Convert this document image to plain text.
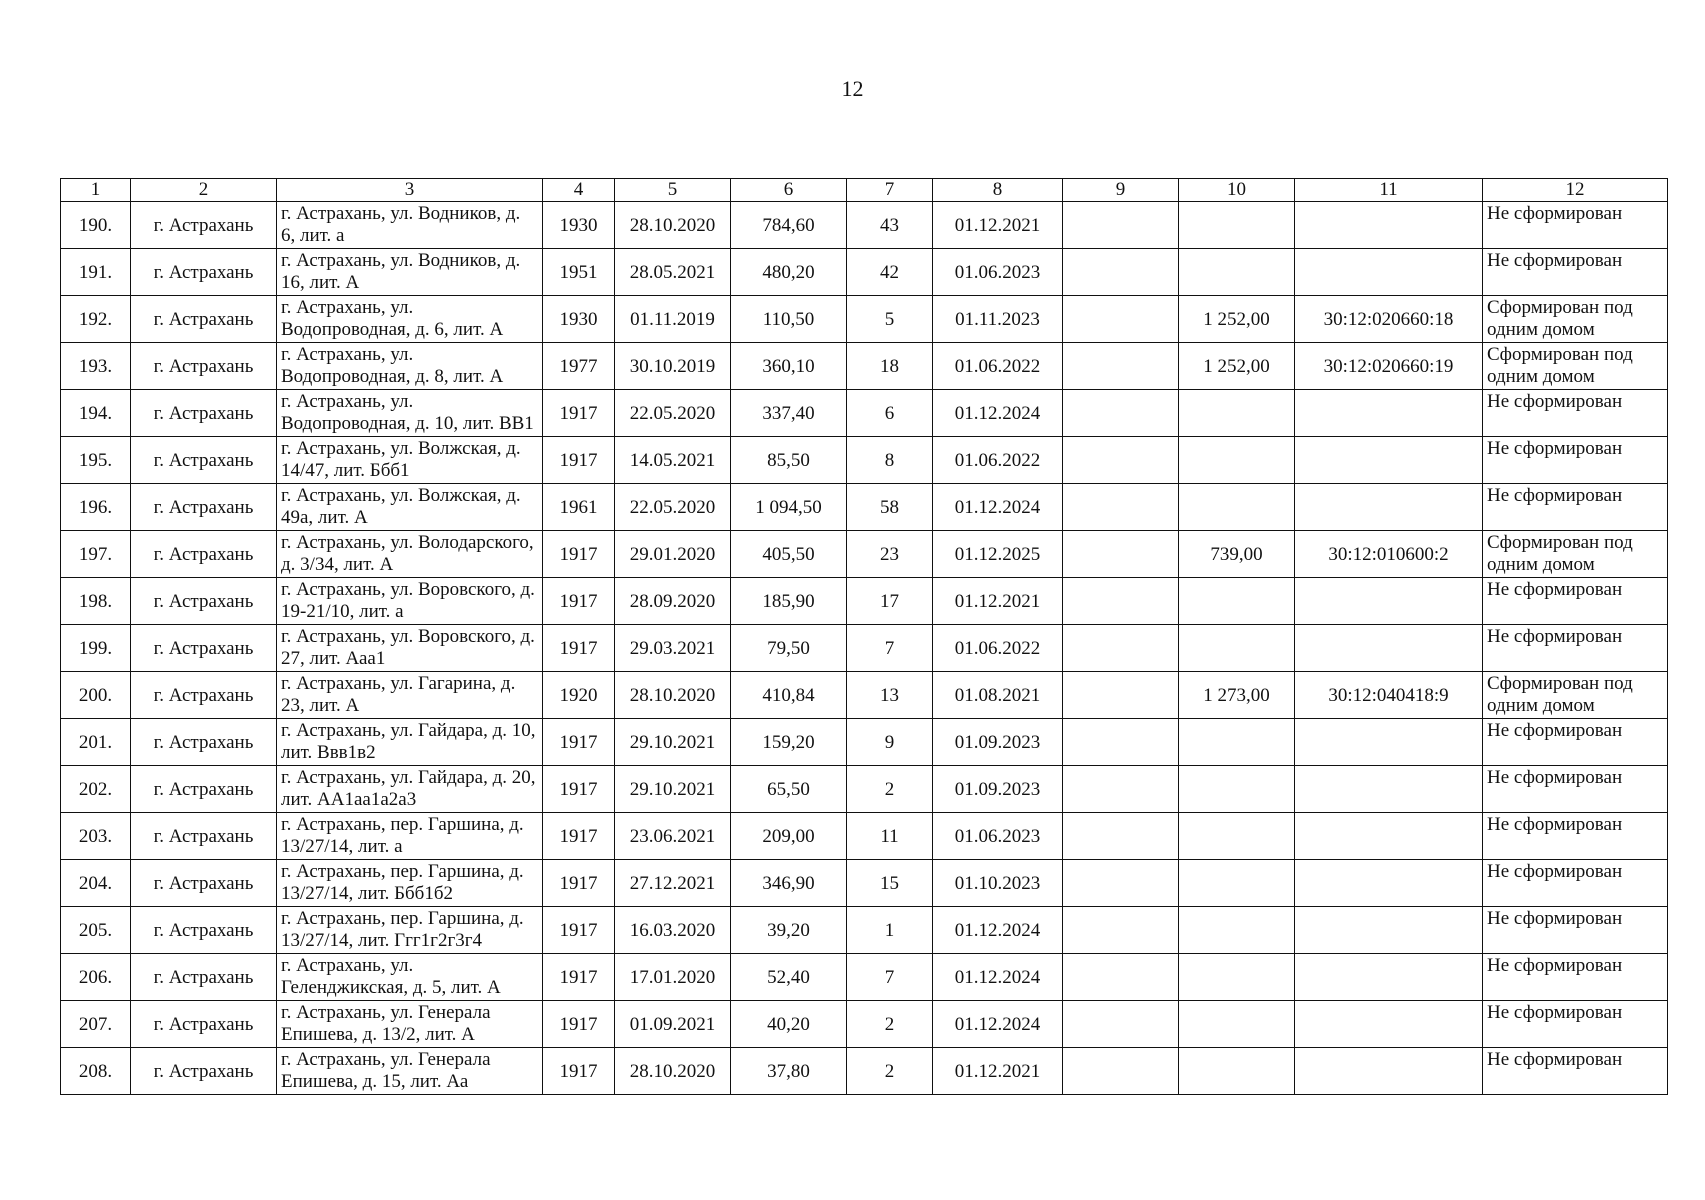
12
1	2	3	4	5	6	7	8	9	10	11	12
190.	г. Астрахань	г. Астрахань, ул. Водников, д. 6, лит. а	1930	28.10.2020	784,60	43	01.12.2021				Не сформирован
191.	г. Астрахань	г. Астрахань, ул. Водников, д. 16, лит. А	1951	28.05.2021	480,20	42	01.06.2023				Не сформирован
192.	г. Астрахань	г. Астрахань, ул. Водопроводная, д. 6, лит. А	1930	01.11.2019	110,50	5	01.11.2023		1 252,00	30:12:020660:18	Сформирован под одним домом
193.	г. Астрахань	г. Астрахань, ул. Водопроводная, д. 8, лит. А	1977	30.10.2019	360,10	18	01.06.2022		1 252,00	30:12:020660:19	Сформирован под одним домом
194.	г. Астрахань	г. Астрахань, ул. Водопроводная, д. 10, лит. ВВ1	1917	22.05.2020	337,40	6	01.12.2024				Не сформирован
195.	г. Астрахань	г. Астрахань, ул. Волжская, д. 14/47, лит. Ббб1	1917	14.05.2021	85,50	8	01.06.2022				Не сформирован
196.	г. Астрахань	г. Астрахань, ул. Волжская, д. 49а, лит. А	1961	22.05.2020	1 094,50	58	01.12.2024				Не сформирован
197.	г. Астрахань	г. Астрахань, ул. Володарского, д. 3/34, лит. А	1917	29.01.2020	405,50	23	01.12.2025		739,00	30:12:010600:2	Сформирован под одним домом
198.	г. Астрахань	г. Астрахань, ул. Воровского, д. 19-21/10, лит. а	1917	28.09.2020	185,90	17	01.12.2021				Не сформирован
199.	г. Астрахань	г. Астрахань, ул. Воровского, д. 27, лит. Ааа1	1917	29.03.2021	79,50	7	01.06.2022				Не сформирован
200.	г. Астрахань	г. Астрахань, ул. Гагарина, д. 23, лит. А	1920	28.10.2020	410,84	13	01.08.2021		1 273,00	30:12:040418:9	Сформирован под одним домом
201.	г. Астрахань	г. Астрахань, ул. Гайдара, д. 10, лит. Ввв1в2	1917	29.10.2021	159,20	9	01.09.2023				Не сформирован
202.	г. Астрахань	г. Астрахань, ул. Гайдара, д. 20, лит. АА1аа1а2а3	1917	29.10.2021	65,50	2	01.09.2023				Не сформирован
203.	г. Астрахань	г. Астрахань, пер. Гаршина, д. 13/27/14, лит. а	1917	23.06.2021	209,00	11	01.06.2023				Не сформирован
204.	г. Астрахань	г. Астрахань, пер. Гаршина, д. 13/27/14, лит. Ббб1б2	1917	27.12.2021	346,90	15	01.10.2023				Не сформирован
205.	г. Астрахань	г. Астрахань, пер. Гаршина, д. 13/27/14, лит. Ггг1г2г3г4	1917	16.03.2020	39,20	1	01.12.2024				Не сформирован
206.	г. Астрахань	г. Астрахань, ул. Геленджикская, д. 5, лит. А	1917	17.01.2020	52,40	7	01.12.2024				Не сформирован
207.	г. Астрахань	г. Астрахань, ул. Генерала Епишева, д. 13/2, лит. А	1917	01.09.2021	40,20	2	01.12.2024				Не сформирован
208.	г. Астрахань	г. Астрахань, ул. Генерала Епишева, д. 15, лит. Аа	1917	28.10.2020	37,80	2	01.12.2021				Не сформирован
